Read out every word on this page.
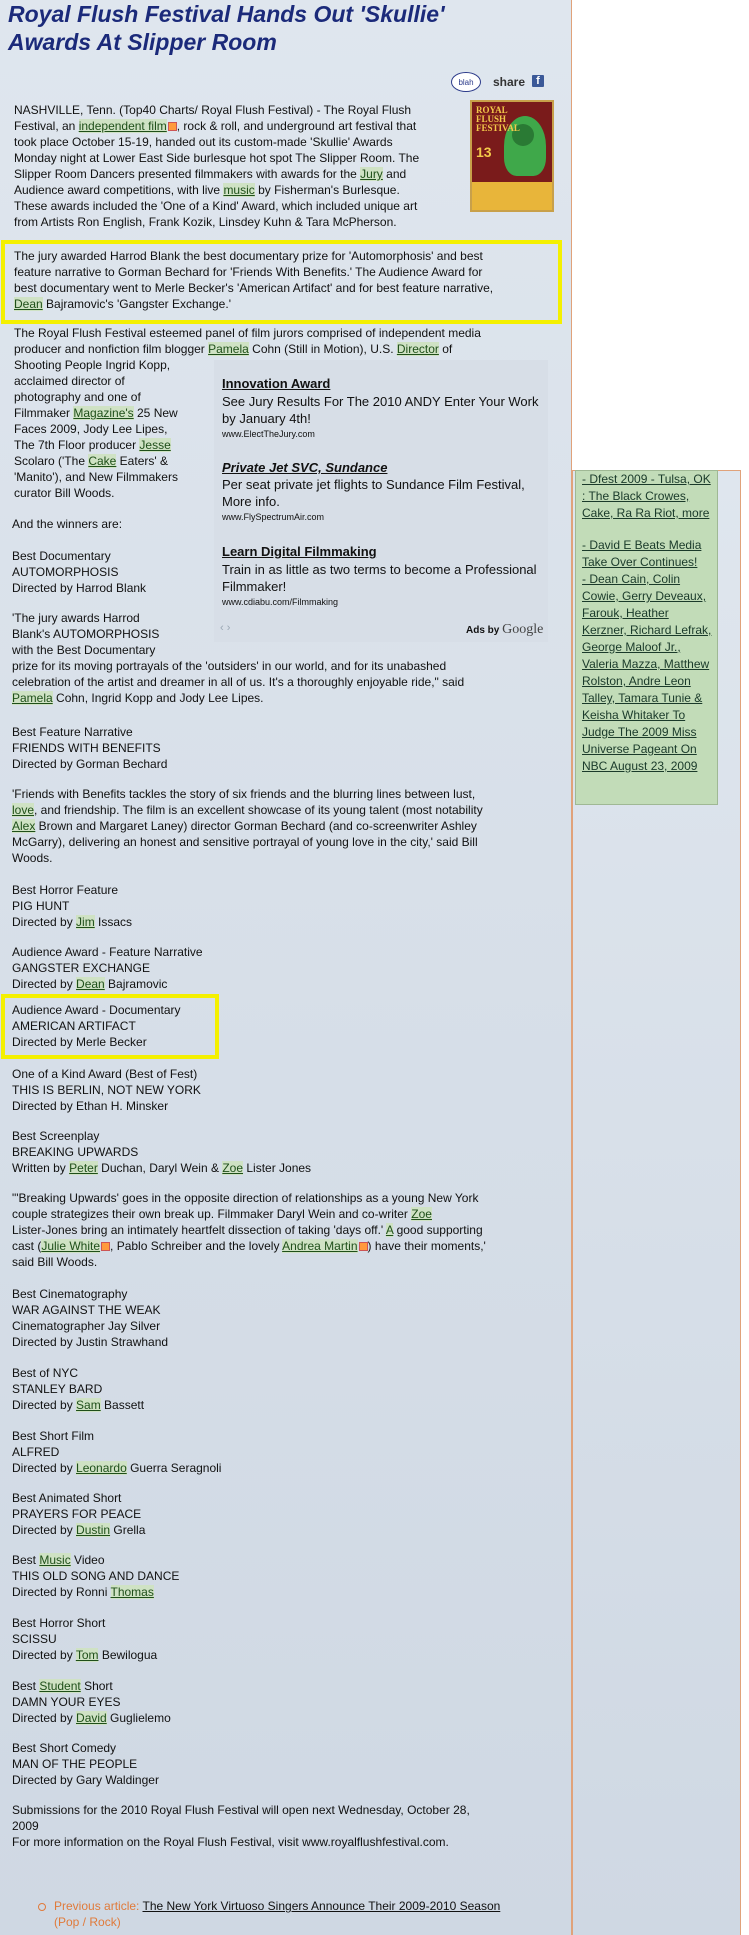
Royal Flush Festival Hands Out 'Skullie' Awards At Slipper Room
blah	share	f
ROYAL FLUSH FESTIVAL
13
NASHVILLE, Tenn. (Top40 Charts/ Royal Flush Festival) - The Royal Flush
Festival, an independent film , rock & roll, and underground art festival that
took place October 15-19, handed out its custom-made 'Skullie' Awards
Monday night at Lower East Side burlesque hot spot The Slipper Room. The
Slipper Room Dancers presented filmmakers with awards for the Jury and
Audience award competitions, with live music by Fisherman's Burlesque.
These awards included the 'One of a Kind' Award, which included unique art
from Artists Ron English, Frank Kozik, Linsdey Kuhn & Tara McPherson.
The jury awarded Harrod Blank the best documentary prize for 'Automorphosis' and best
feature narrative to Gorman Bechard for 'Friends With Benefits.' The Audience Award for
best documentary went to Merle Becker's 'American Artifact' and for best feature narrative,
Dean Bajramovic's 'Gangster Exchange.'
The Royal Flush Festival esteemed panel of film jurors comprised of independent media
producer and nonfiction film blogger Pamela Cohn (Still in Motion), U.S. Director of
Shooting People Ingrid Kopp,
acclaimed director of
photography and one of
Filmmaker Magazine's 25 New
Faces 2009, Jody Lee Lipes,
The 7th Floor producer Jesse
Scolaro ('The Cake Eaters' &
'Manito'), and New Filmmakers
curator Bill Woods.

Innovation Award

See Jury Results For The 2010 ANDY Enter Your Work by January 4th!

www.ElectTheJury.com

Private Jet SVC, Sundance

Per seat private jet flights to Sundance Film Festival, More info.

www.FlySpectrumAir.com

Learn Digital Filmmaking

Train in as little as two terms to become a Professional Filmmaker!

www.cdiabu.com/Filmmaking

‹ ›	Ads by Google
And the winners are:
Best Documentary
AUTOMORPHOSIS
Directed by Harrod Blank
'The jury awards Harrod
Blank's AUTOMORPHOSIS
with the Best Documentary
prize for its moving portrayals of the 'outsiders' in our world, and for its unabashed
celebration of the artist and dreamer in all of us. It's a thoroughly enjoyable ride," said
Pamela Cohn, Ingrid Kopp and Jody Lee Lipes.
Best Feature Narrative
FRIENDS WITH BENEFITS
Directed by Gorman Bechard
'Friends with Benefits tackles the story of six friends and the blurring lines between lust,
love, and friendship. The film is an excellent showcase of its young talent (most notability
Alex Brown and Margaret Laney) director Gorman Bechard (and co-screenwriter Ashley
McGarry), delivering an honest and sensitive portrayal of young love in the city,' said Bill
Woods.
Best Horror Feature
PIG HUNT
Directed by Jim Issacs
Audience Award - Feature Narrative
GANGSTER EXCHANGE
Directed by Dean Bajramovic
Audience Award - Documentary
AMERICAN ARTIFACT
Directed by Merle Becker
One of a Kind Award (Best of Fest)
THIS IS BERLIN, NOT NEW YORK
Directed by Ethan H. Minsker
Best Screenplay
BREAKING UPWARDS
Written by Peter Duchan, Daryl Wein & Zoe Lister Jones
"'Breaking Upwards' goes in the opposite direction of relationships as a young New York
couple strategizes their own break up. Filmmaker Daryl Wein and co-writer Zoe
Lister-Jones bring an intimately heartfelt dissection of taking 'days off.' A good supporting
cast (Julie White , Pablo Schreiber and the lovely Andrea Martin ) have their moments,'
said Bill Woods.
Best Cinematography
WAR AGAINST THE WEAK
Cinematographer Jay Silver
Directed by Justin Strawhand
Best of NYC
STANLEY BARD
Directed by Sam Bassett
Best Short Film
ALFRED
Directed by Leonardo Guerra Seragnoli
Best Animated Short
PRAYERS FOR PEACE
Directed by Dustin Grella
Best Music Video
THIS OLD SONG AND DANCE
Directed by Ronni Thomas
Best Horror Short
SCISSU
Directed by Tom Bewilogua
Best Student Short
DAMN YOUR EYES
Directed by David Guglielemo
Best Short Comedy
MAN OF THE PEOPLE
Directed by Gary Waldinger
Submissions for the 2010 Royal Flush Festival will open next Wednesday, October 28,
2009
For more information on the Royal Flush Festival, visit www.royalflushfestival.com.

Previous article: The New York Virtuoso Singers Announce Their 2009-2010 Season
(Pop / Rock)

- Dfest 2009 - Tulsa, OK : The Black Crowes, Cake, Ra Ra Riot, more
- David E Beats Media Take Over Continues!
- Dean Cain, Colin Cowie, Gerry Deveaux, Farouk, Heather Kerzner, Richard Lefrak, George Maloof Jr., Valeria Mazza, Matthew Rolston, Andre Leon Talley, Tamara Tunie & Keisha Whitaker To Judge The 2009 Miss Universe Pageant On NBC August 23, 2009
